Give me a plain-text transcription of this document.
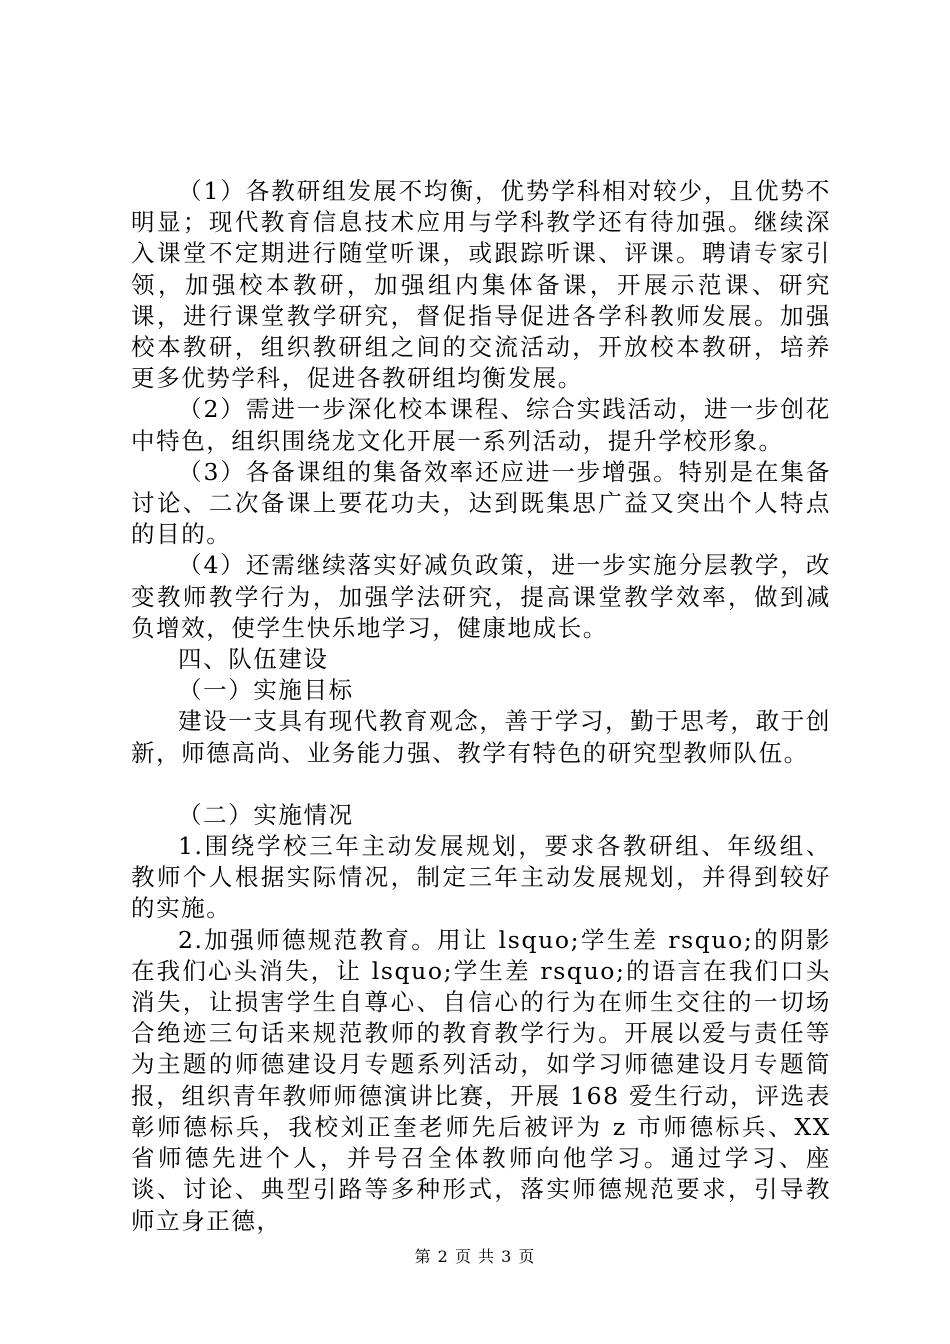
（1）各教研组发展不均衡，优势学科相对较少，且优势不明显；现代教育信息技术应用与学科教学还有待加强。继续深入课堂不定期进行随堂听课，或跟踪听课、评课。聘请专家引领，加强校本教研，加强组内集体备课，开展示范课、研究课，进行课堂教学研究，督促指导促进各学科教师发展。加强校本教研，组织教研组之间的交流活动，开放校本教研，培养更多优势学科，促进各教研组均衡发展。

（2）需进一步深化校本课程、综合实践活动，进一步创花中特色，组织围绕龙文化开展一系列活动，提升学校形象。

（3）各备课组的集备效率还应进一步增强。特别是在集备讨论、二次备课上要花功夫，达到既集思广益又突出个人特点的目的。

（4）还需继续落实好减负政策，进一步实施分层教学，改变教师教学行为，加强学法研究，提高课堂教学效率，做到减负增效，使学生快乐地学习，健康地成长。

四、队伍建设

（一）实施目标

建设一支具有现代教育观念，善于学习，勤于思考，敢于创新，师德高尚、业务能力强、教学有特色的研究型教师队伍。

（二）实施情况

1.围绕学校三年主动发展规划，要求各教研组、年级组、教师个人根据实际情况，制定三年主动发展规划，并得到较好的实施。

2.加强师德规范教育。用让 lsquo;学生差 rsquo;的阴影在我们心头消失，让 lsquo;学生差 rsquo;的语言在我们口头消失，让损害学生自尊心、自信心的行为在师生交往的一切场合绝迹三句话来规范教师的教育教学行为。开展以爱与责任等为主题的师德建设月专题系列活动，如学习师德建设月专题简报，组织青年教师师德演讲比赛，开展 168 爱生行动，评选表彰师德标兵，我校刘正奎老师先后被评为 z 市师德标兵、XX 省师德先进个人，并号召全体教师向他学习。通过学习、座谈、讨论、典型引路等多种形式，落实师德规范要求，引导教师立身正德，

第 2 页 共 3 页
